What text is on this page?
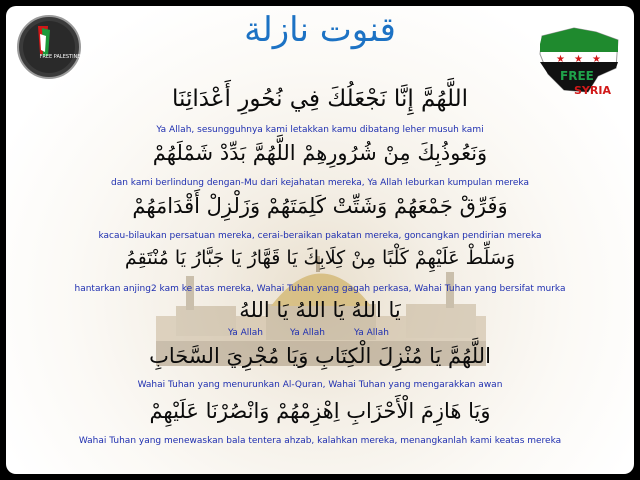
FREE PALESTINE	★ ★ ★
FREE
SYRIA
قنوت نازلة
اللَّهُمَّ إِنَّا نَجْعَلُكَ فِي نُحُورِ أَعْدَائِنَا
Ya Allah, sesungguhnya kami letakkan kamu dibatang leher musuh kami
وَنَعُوذُبِكَ مِنْ شُرُورِهِمْ اللَّهُمَّ بَدِّدْ شَمْلَهُمْ
dan kami berlindung dengan-Mu dari kejahatan mereka, Ya Allah leburkan kumpulan mereka
وَفَرِّقْ جَمْعَهُمْ وَشَتِّتْ كَلِمَتَهُمْ وَزَلْزِلْ أَقْدَامَهُمْ
kacau-bilaukan persatuan mereka, cerai-beraikan pakatan mereka, goncangkan pendirian mereka
وَسَلِّطْ عَلَيْهِمْ كَلْبًا مِنْ كِلَابِكَ يَا قَهَّارُ يَا جَبَّارُ يَا مُنْتَقِمُ
hantarkan anjing2 kam ke atas mereka, Wahai Tuhan yang gagah perkasa, Wahai Tuhan yang bersifat murka
يَا اللهُ يَا اللهُ يَا اللهُ
Ya Allah	Ya Allah	Ya Allah
اللَّهُمَّ يَا مُنْزِلَ الْكِتَابِ وَيَا مُجْرِيَ السَّحَابِ
Wahai Tuhan yang menurunkan Al-Quran, Wahai Tuhan yang mengarakkan awan
وَيَا هَازِمَ الْأَحْزَابِ اِهْزِمْهُمْ وَانْصُرْنَا عَلَيْهِمْ
Wahai Tuhan yang menewaskan bala tentera ahzab, kalahkan mereka, menangkanlah kami keatas mereka
